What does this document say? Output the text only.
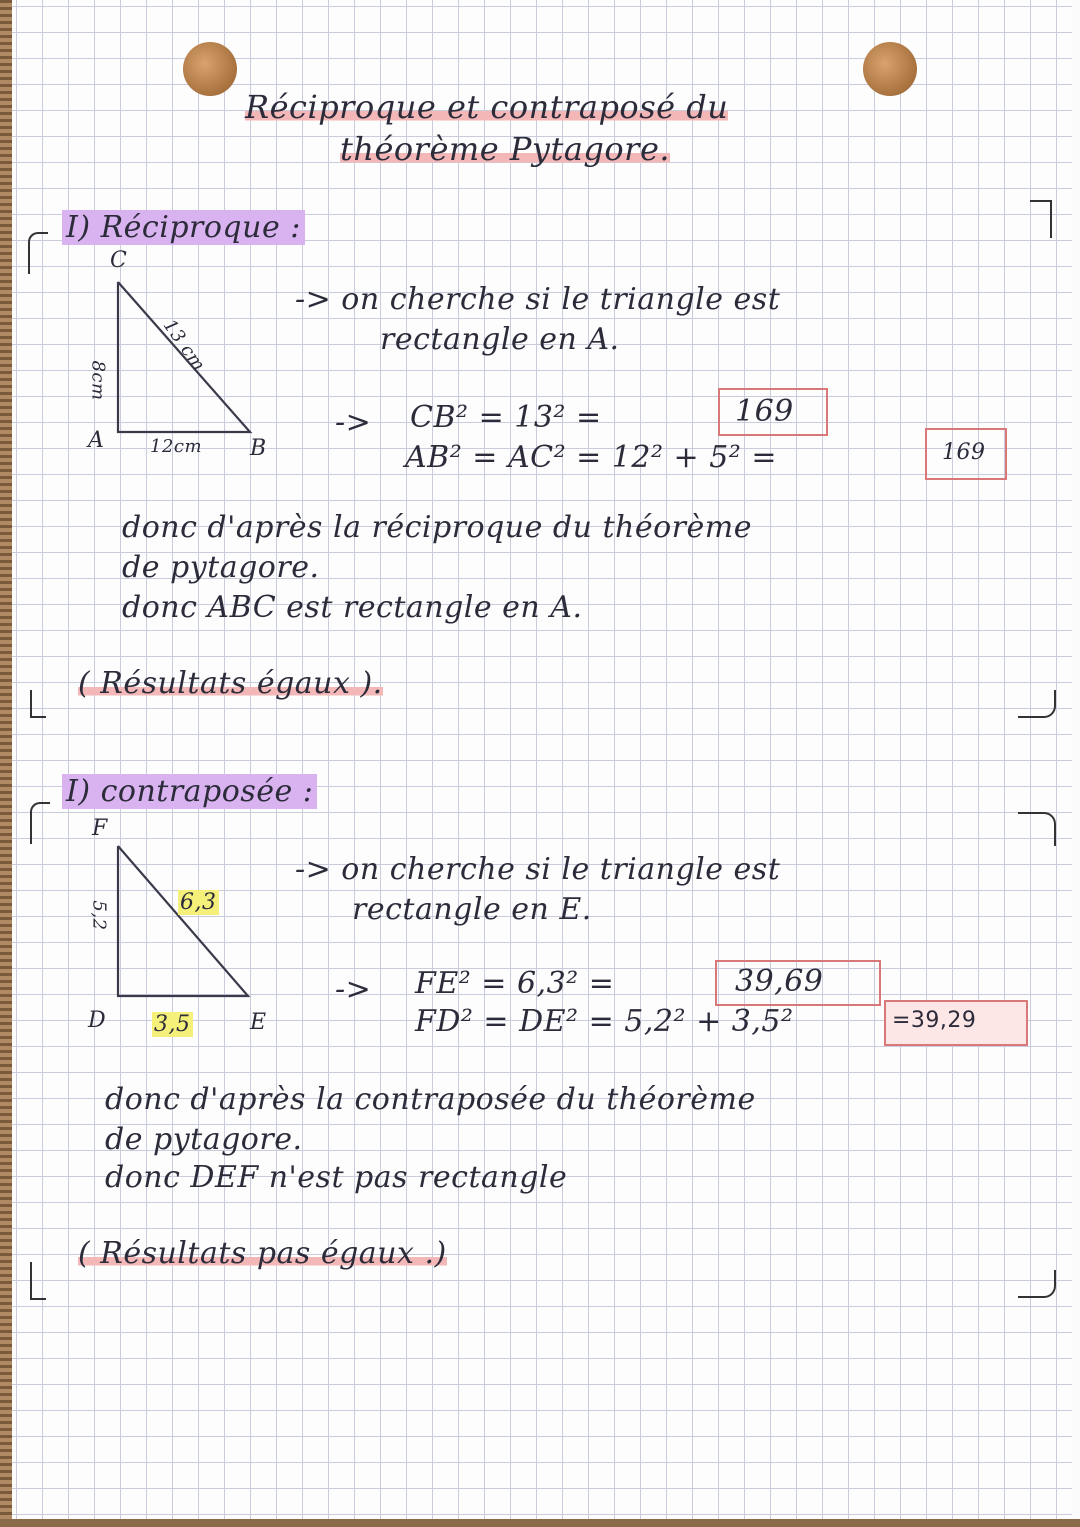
Réciproque et contraposé du
théorème Pytagore.
I) Réciproque :
C
A	B
8cm
13 cm
12cm
-> on cherche si le triangle est
rectangle en A.
-> CB² = 13² =	169
AB² = AC² = 12² + 5² =	169
donc d'après la réciproque du théorème
de pytagore.
donc ABC est rectangle en A.
( Résultats égaux ).
I) contraposée :
F
D	E
5,2	6,3
3,5
-> on cherche si le triangle est
rectangle en E.
-> FE² = 6,3² =	39,69
FD² = DE² = 5,2² + 3,5²	=39,29
donc d'après la contraposée du théorème
de pytagore.
donc DEF n'est pas rectangle
( Résultats pas égaux .)
